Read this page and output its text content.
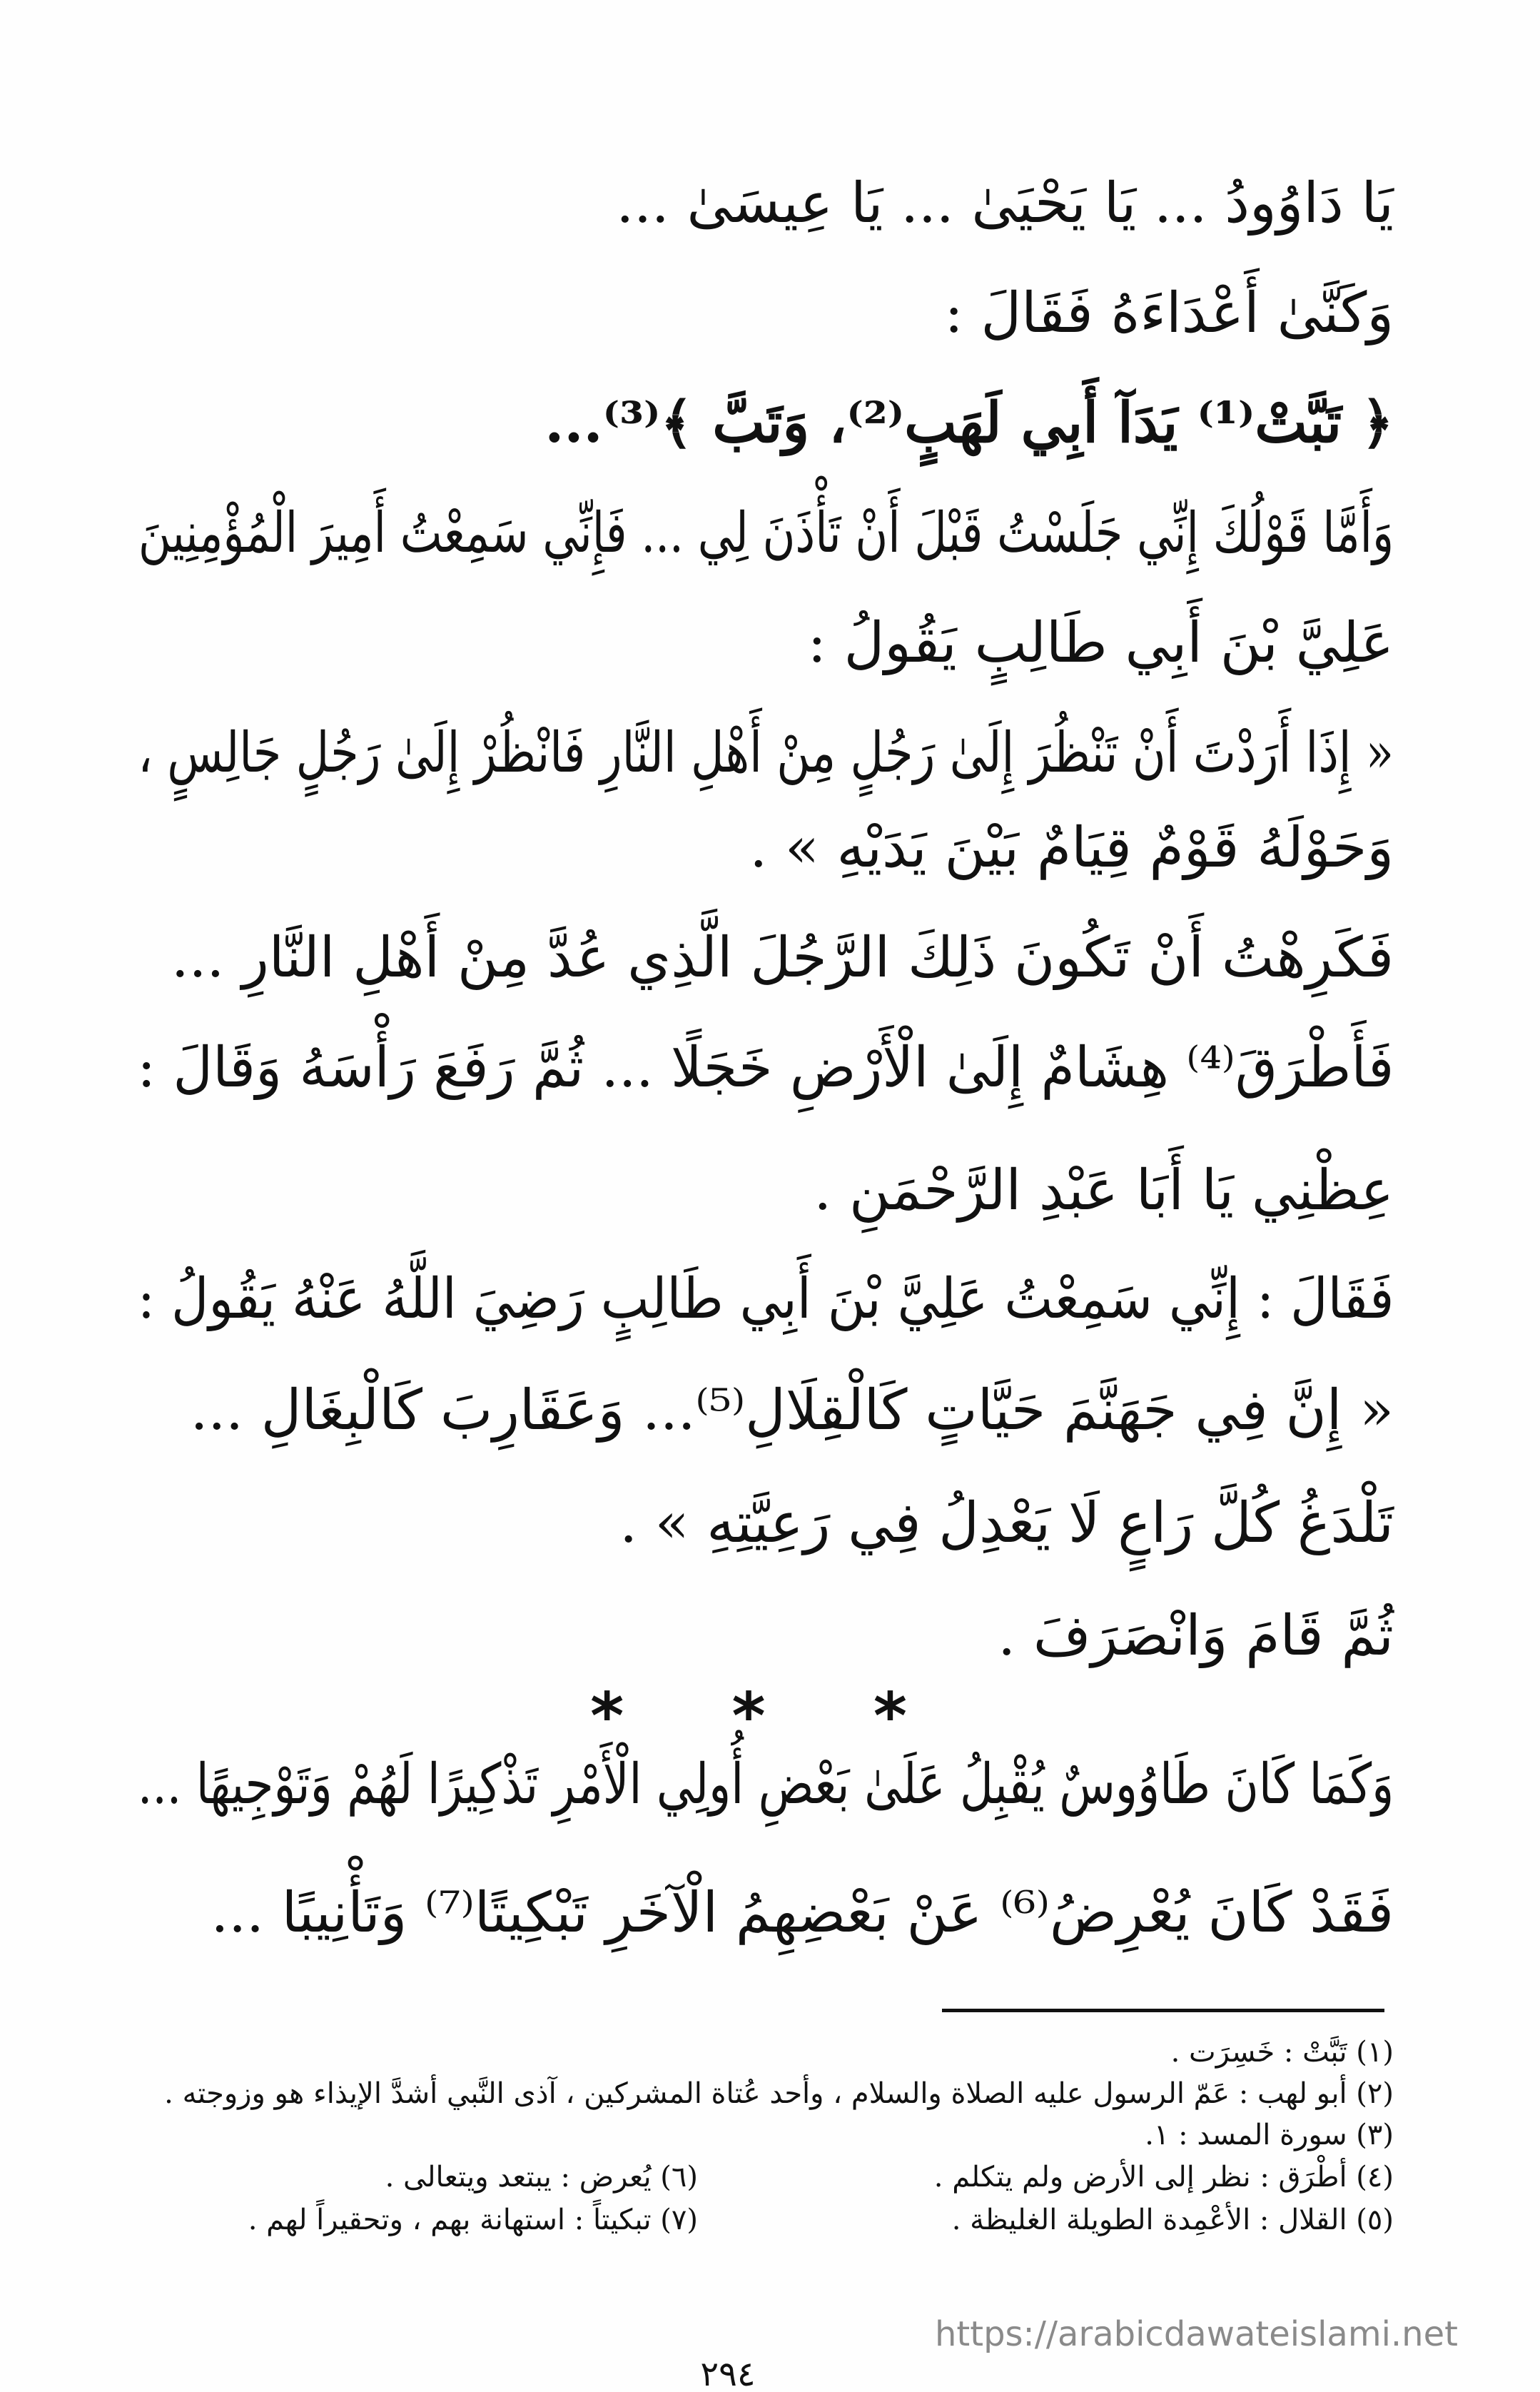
يَا دَاوُودُ ... يَا يَحْيَىٰ ... يَا عِيسَىٰ ...
وَكَنَّىٰ أَعْدَاءَهُ فَقَالَ :
﴿ تَبَّتْ⁽¹⁾ يَدَآ أَبِي لَهَبٍ⁽²⁾، وَتَبَّ ﴾⁽³⁾...
وَأَمَّا قَوْلُكَ إِنِّي جَلَسْتُ قَبْلَ أَنْ تَأْذَنَ لِي ... فَإِنِّي سَمِعْتُ أَمِيرَ الْمُؤْمِنِينَ
عَلِيَّ بْنَ أَبِي طَالِبٍ يَقُولُ :
« إِذَا أَرَدْتَ أَنْ تَنْظُرَ إِلَىٰ رَجُلٍ مِنْ أَهْلِ النَّارِ فَانْظُرْ إِلَىٰ رَجُلٍ جَالِسٍ ،
وَحَوْلَهُ قَوْمٌ قِيَامٌ بَيْنَ يَدَيْهِ » .
فَكَرِهْتُ أَنْ تَكُونَ ذَلِكَ الرَّجُلَ الَّذِي عُدَّ مِنْ أَهْلِ النَّارِ ...
فَأَطْرَقَ⁽⁴⁾ هِشَامٌ إِلَىٰ الْأَرْضِ خَجَلًا ... ثُمَّ رَفَعَ رَأْسَهُ وَقَالَ :
عِظْنِي يَا أَبَا عَبْدِ الرَّحْمَنِ .
فَقَالَ : إِنِّي سَمِعْتُ عَلِيَّ بْنَ أَبِي طَالِبٍ رَضِيَ اللَّهُ عَنْهُ يَقُولُ :
« إِنَّ فِي جَهَنَّمَ حَيَّاتٍ كَالْقِلَالِ⁽⁵⁾... وَعَقَارِبَ كَالْبِغَالِ ...
تَلْدَغُ كُلَّ رَاعٍ لَا يَعْدِلُ فِي رَعِيَّتِهِ » .
ثُمَّ قَامَ وَانْصَرَفَ .
* * *
وَكَمَا كَانَ طَاوُوسٌ يُقْبِلُ عَلَىٰ بَعْضِ أُولِي الْأَمْرِ تَذْكِيرًا لَهُمْ وَتَوْجِيهًا ...
فَقَدْ كَانَ يُعْرِضُ⁽⁶⁾ عَنْ بَعْضِهِمُ الْآخَرِ تَبْكِيتًا⁽⁷⁾ وَتَأْنِيبًا ...
(١) تَبَّتْ : خَسِرَت .
(٢) أبو لهب : عَمّ الرسول عليه الصلاة والسلام ، وأحد عُتاة المشركين ، آذى النَّبي أشدَّ الإيذاء هو وزوجته .
(٣) سورة المسد : ١.
(٤) أطْرَق : نظر إلى الأرض ولم يتكلم .
(٦) يُعرض : يبتعد ويتعالى .
(٥) القلال : الأعْمِدة الطويلة الغليظة .
(٧) تبكيتاً : استهانة بهم ، وتحقيراً لهم .
https://arabicdawateislami.net
٢٩٤
